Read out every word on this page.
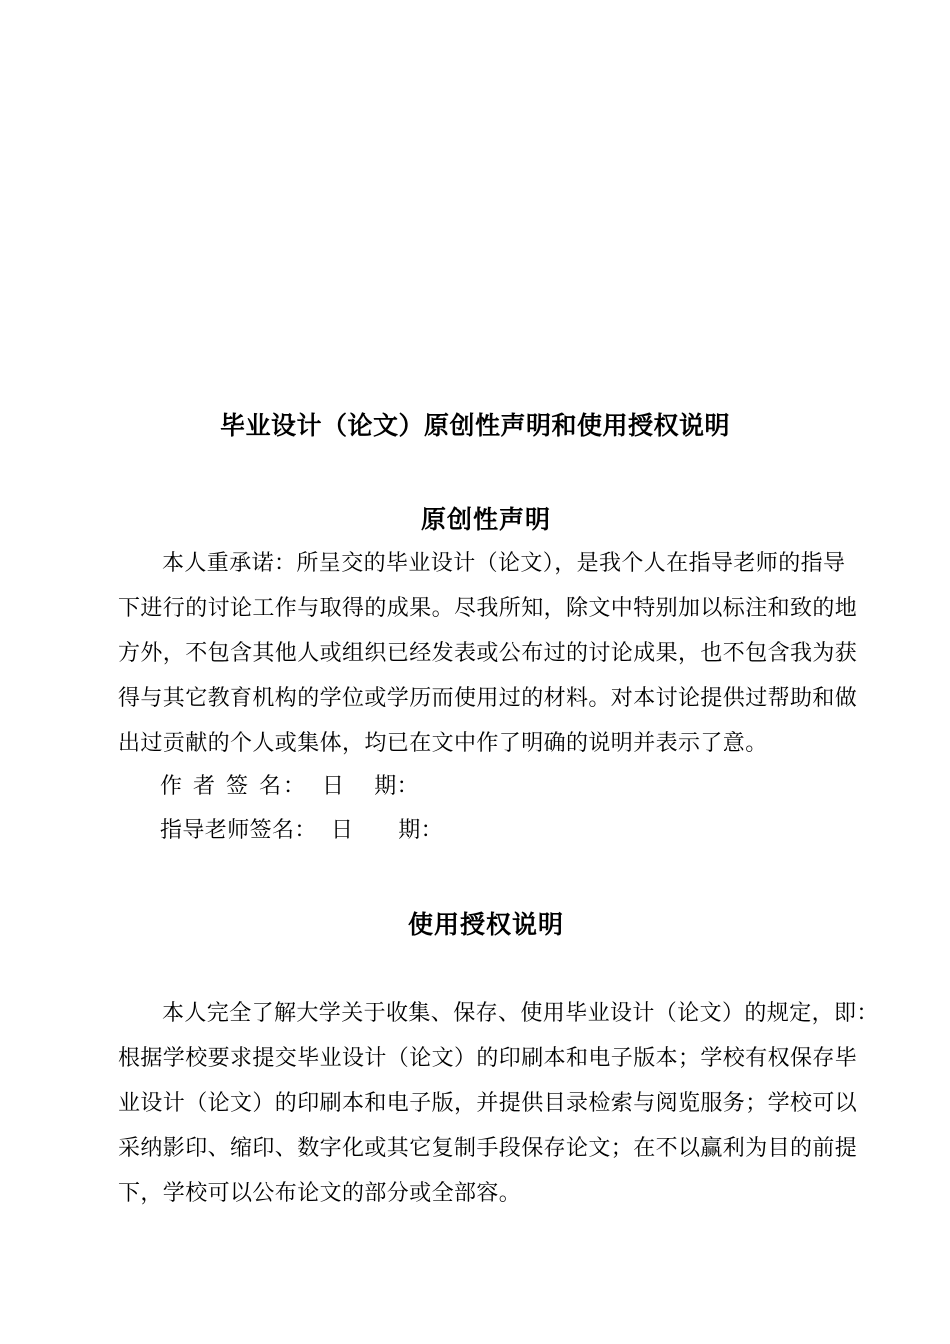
毕业设计（论文）原创性声明和使用授权说明
原创性声明
本人重承诺：所呈交的毕业设计（论文），是我个人在指导老师的指导
下进行的讨论工作与取得的成果。尽我所知，除文中特别加以标注和致的地
方外，不包含其他人或组织已经发表或公布过的讨论成果，也不包含我为获
得与其它教育机构的学位或学历而使用过的材料。对本讨论提供过帮助和做
出过贡献的个人或集体，均已在文中作了明确的说明并表示了意。
作 者 签 名： 日　 期：
指导老师签名： 日　　期：
使用授权说明
本人完全了解大学关于收集、保存、使用毕业设计（论文）的规定，即：
根据学校要求提交毕业设计（论文）的印刷本和电子版本；学校有权保存毕
业设计（论文）的印刷本和电子版，并提供目录检索与阅览服务；学校可以
采纳影印、缩印、数字化或其它复制手段保存论文；在不以赢利为目的前提
下，学校可以公布论文的部分或全部容。
